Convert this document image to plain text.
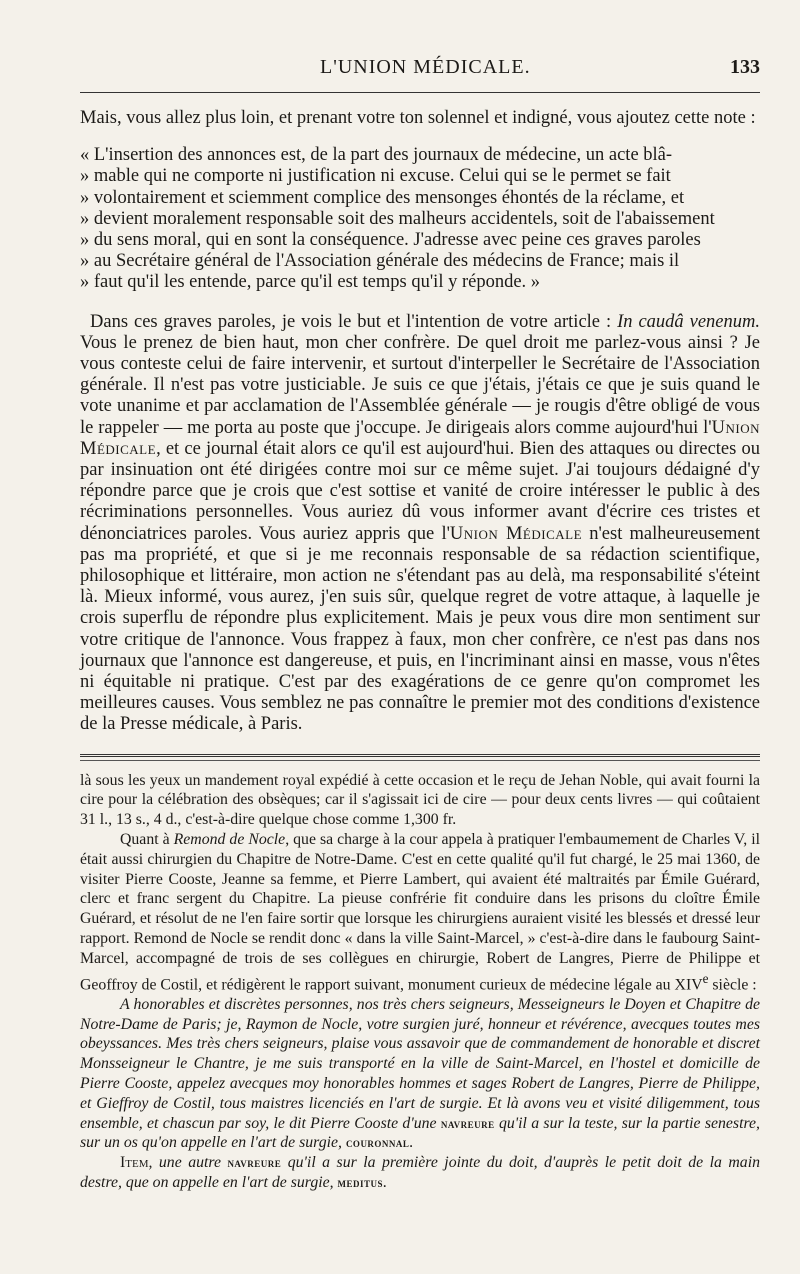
L'UNION MÉDICALE.	133

Mais, vous allez plus loin, et prenant votre ton solennel et indigné, vous ajoutez cette note :

« L'insertion des annonces est, de la part des journaux de médecine, un acte blâ-

» mable qui ne comporte ni justification ni excuse. Celui qui se le permet se fait

» volontairement et sciemment complice des mensonges éhontés de la réclame, et

» devient moralement responsable soit des malheurs accidentels, soit de l'abaissement

» du sens moral, qui en sont la conséquence. J'adresse avec peine ces graves paroles

» au Secrétaire général de l'Association générale des médecins de France; mais il

» faut qu'il les entende, parce qu'il est temps qu'il y réponde. »

Dans ces graves paroles, je vois le but et l'intention de votre article : In caudâ venenum. Vous le prenez de bien haut, mon cher confrère. De quel droit me parlez-vous ainsi ? Je vous conteste celui de faire intervenir, et surtout d'interpeller le Secrétaire de l'Association générale. Il n'est pas votre justiciable. Je suis ce que j'étais, j'étais ce que je suis quand le vote unanime et par acclamation de l'Assemblée générale — je rougis d'être obligé de vous le rappeler — me porta au poste que j'occupe. Je dirigeais alors comme aujourd'hui l'Union Médicale, et ce journal était alors ce qu'il est aujourd'hui. Bien des attaques ou directes ou par insinuation ont été dirigées contre moi sur ce même sujet. J'ai toujours dédaigné d'y répondre parce que je crois que c'est sottise et vanité de croire intéresser le public à des récriminations personnelles. Vous auriez dû vous informer avant d'écrire ces tristes et dénonciatrices paroles. Vous auriez appris que l'Union Médicale n'est malheureusement pas ma propriété, et que si je me reconnais responsable de sa rédaction scientifique, philosophique et littéraire, mon action ne s'étendant pas au delà, ma responsabilité s'éteint là. Mieux informé, vous aurez, j'en suis sûr, quelque regret de votre attaque, à laquelle je crois superflu de répondre plus explicitement. Mais je peux vous dire mon sentiment sur votre critique de l'annonce. Vous frappez à faux, mon cher confrère, ce n'est pas dans nos journaux que l'annonce est dangereuse, et puis, en l'incriminant ainsi en masse, vous n'êtes ni équitable ni pratique. C'est par des exagérations de ce genre qu'on compromet les meilleures causes. Vous semblez ne pas connaître le premier mot des conditions d'existence de la Presse médicale, à Paris.

là sous les yeux un mandement royal expédié à cette occasion et le reçu de Jehan Noble, qui avait fourni la cire pour la célébration des obsèques; car il s'agissait ici de cire — pour deux cents livres — qui coûtaient 31 l., 13 s., 4 d., c'est-à-dire quelque chose comme 1,300 fr.

Quant à Remond de Nocle, que sa charge à la cour appela à pratiquer l'embaumement de Charles V, il était aussi chirurgien du Chapitre de Notre-Dame. C'est en cette qualité qu'il fut chargé, le 25 mai 1360, de visiter Pierre Cooste, Jeanne sa femme, et Pierre Lambert, qui avaient été maltraités par Émile Guérard, clerc et franc sergent du Chapitre. La pieuse confrérie fit conduire dans les prisons du cloître Émile Guérard, et résolut de ne l'en faire sortir que lorsque les chirurgiens auraient visité les blessés et dressé leur rapport. Remond de Nocle se rendit donc « dans la ville Saint-Marcel, » c'est-à-dire dans le faubourg Saint-Marcel, accompagné de trois de ses collègues en chirurgie, Robert de Langres, Pierre de Philippe et Geoffroy de Costil, et rédigèrent le rapport suivant, monument curieux de médecine légale au XIVe siècle :

A honorables et discrètes personnes, nos très chers seigneurs, Messeigneurs le Doyen et Chapitre de Notre-Dame de Paris; je, Raymon de Nocle, votre surgien juré, honneur et révérence, avecques toutes mes obeyssances. Mes très chers seigneurs, plaise vous assavoir que de commandement de honorable et discret Monsseigneur le Chantre, je me suis transporté en la ville de Saint-Marcel, en l'hostel et domicille de Pierre Cooste, appelez avecques moy honorables hommes et sages Robert de Langres, Pierre de Philippe, et Gieffroy de Costil, tous maistres licenciés en l'art de surgie. Et là avons veu et visité diligemment, tous ensemble, et chascun par soy, le dit Pierre Cooste d'une navreure qu'il a sur la teste, sur la partie senestre, sur un os qu'on appelle en l'art de surgie, couronnal.

Item, une autre navreure qu'il a sur la première jointe du doit, d'auprès le petit doit de la main destre, que on appelle en l'art de surgie, meditus.
